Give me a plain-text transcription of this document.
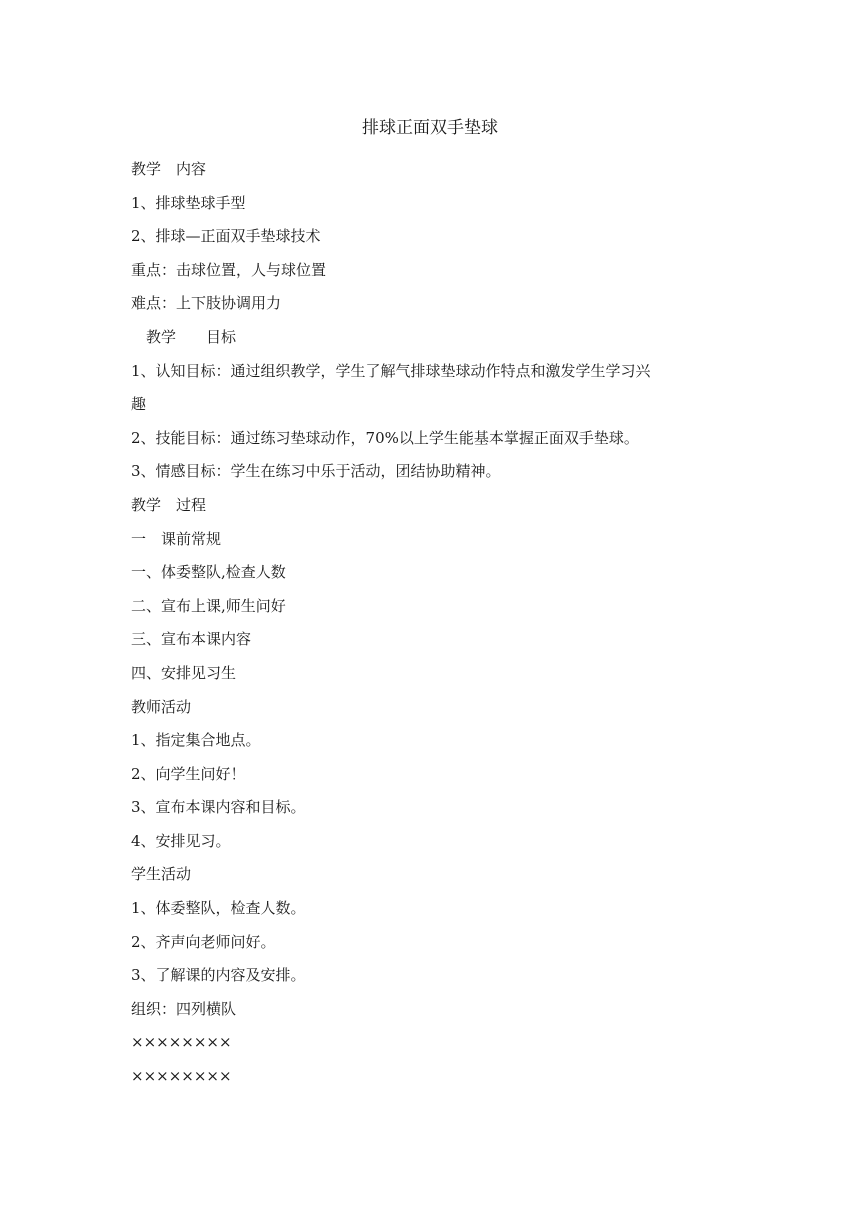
排球正面双手垫球
教学　内容
1、排球垫球手型
2、排球—正面双手垫球技术
重点：击球位置，人与球位置
难点：上下肢协调用力
　教学　　目标
1、认知目标：通过组织教学，学生了解气排球垫球动作特点和激发学生学习兴
趣
2、技能目标：通过练习垫球动作，70%以上学生能基本掌握正面双手垫球。
3、情感目标：学生在练习中乐于活动，团结协助精神。
教学　过程
一　课前常规
一、体委整队,检查人数
二、宣布上课,师生问好
三、宣布本课内容
四、安排见习生
教师活动
1、指定集合地点。
2、向学生问好！
3、宣布本课内容和目标。
4、安排见习。
学生活动
1、体委整队，检查人数。
2、齐声向老师问好。
3、了解课的内容及安排。
组织：四列横队
××××××××
××××××××
